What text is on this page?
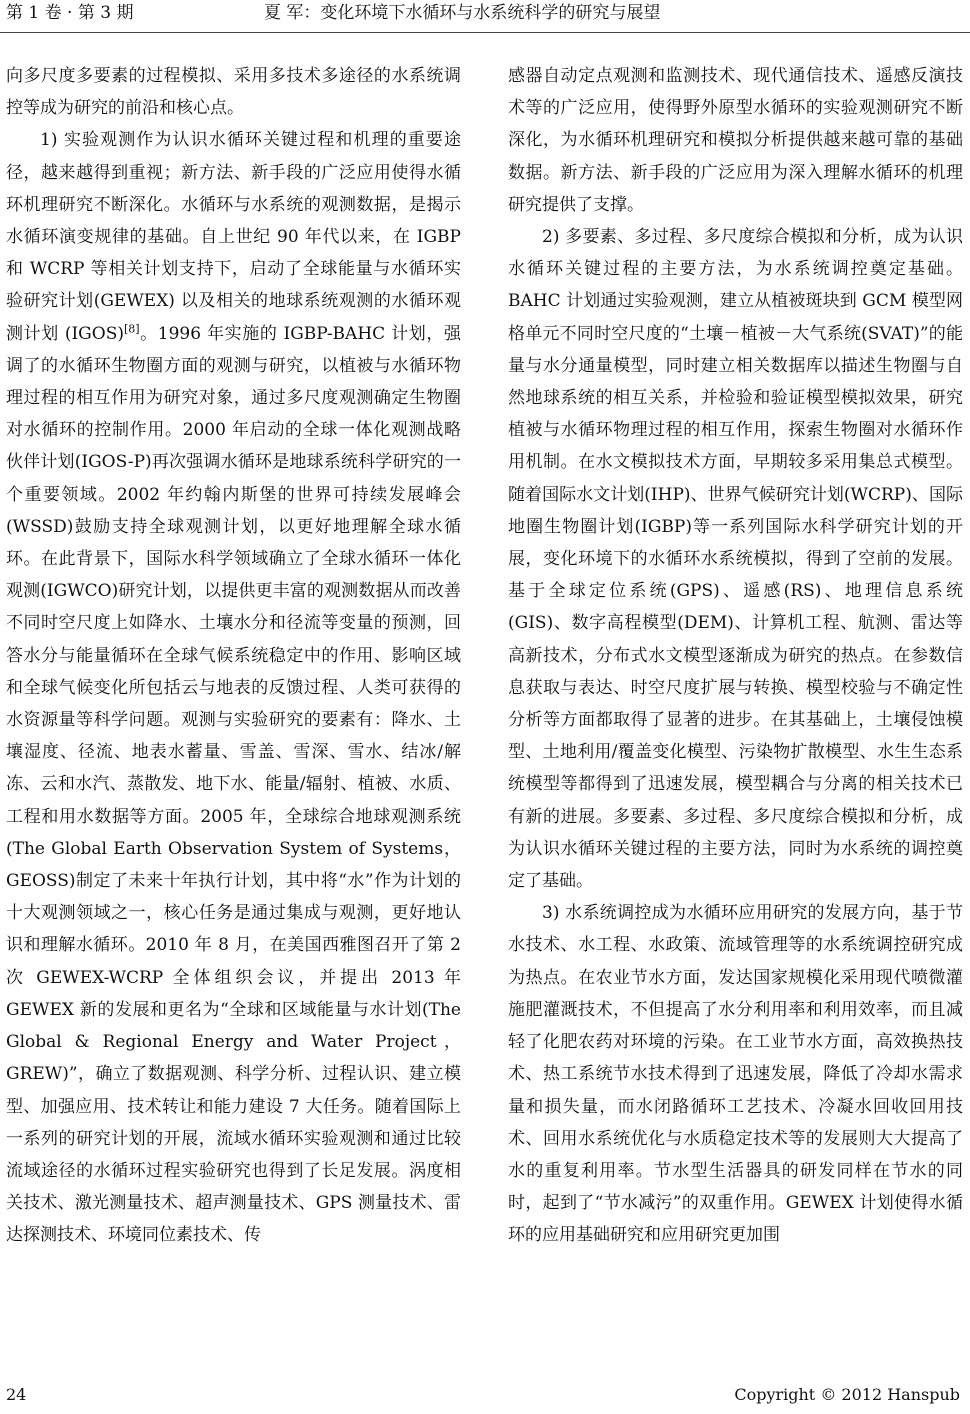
第 1 卷 · 第 3 期	夏 军：变化环境下水循环与水系统科学的研究与展望

向多尺度多要素的过程模拟、采用多技术多途径的水系统调控等成为研究的前沿和核心点。

1) 实验观测作为认识水循环关键过程和机理的重要途径，越来越得到重视；新方法、新手段的广泛应用使得水循环机理研究不断深化。水循环与水系统的观测数据，是揭示水循环演变规律的基础。自上世纪 90 年代以来，在 IGBP 和 WCRP 等相关计划支持下，启动了全球能量与水循环实验研究计划(GEWEX) 以及相关的地球系统观测的水循环观测计划 (IGOS)[8]。1996 年实施的 IGBP-BAHC 计划，强调了的水循环生物圈方面的观测与研究，以植被与水循环物理过程的相互作用为研究对象，通过多尺度观测确定生物圈对水循环的控制作用。2000 年启动的全球一体化观测战略伙伴计划(IGOS-P)再次强调水循环是地球系统科学研究的一个重要领域。2002 年约翰内斯堡的世界可持续发展峰会(WSSD)鼓励支持全球观测计划，以更好地理解全球水循环。在此背景下，国际水科学领域确立了全球水循环一体化观测(IGWCO)研究计划，以提供更丰富的观测数据从而改善不同时空尺度上如降水、土壤水分和径流等变量的预测，回答水分与能量循环在全球气候系统稳定中的作用、影响区域和全球气候变化所包括云与地表的反馈过程、人类可获得的水资源量等科学问题。观测与实验研究的要素有：降水、土壤湿度、径流、地表水蓄量、雪盖、雪深、雪水、结冰/解冻、云和水汽、蒸散发、地下水、能量/辐射、植被、水质、工程和用水数据等方面。2005 年，全球综合地球观测系统(The Global Earth Observation System of Systems，GEOSS)制定了未来十年执行计划，其中将“水”作为计划的十大观测领域之一，核心任务是通过集成与观测，更好地认识和理解水循环。2010 年 8 月，在美国西雅图召开了第 2 次 GEWEX-WCRP 全体组织会议，并提出 2013 年 GEWEX 新的发展和更名为“全球和区域能量与水计划(The Global & Regional Energy and Water Project，GREW)”，确立了数据观测、科学分析、过程认识、建立模型、加强应用、技术转让和能力建设 7 大任务。随着国际上一系列的研究计划的开展，流域水循环实验观测和通过比较流域途径的水循环过程实验研究也得到了长足发展。涡度相关技术、激光测量技术、超声测量技术、GPS 测量技术、雷达探测技术、环境同位素技术、传

感器自动定点观测和监测技术、现代通信技术、遥感反演技术等的广泛应用，使得野外原型水循环的实验观测研究不断深化，为水循环机理研究和模拟分析提供越来越可靠的基础数据。新方法、新手段的广泛应用为深入理解水循环的机理研究提供了支撑。

2) 多要素、多过程、多尺度综合模拟和分析，成为认识水循环关键过程的主要方法，为水系统调控奠定基础。BAHC 计划通过实验观测，建立从植被斑块到 GCM 模型网格单元不同时空尺度的“土壤－植被－大气系统(SVAT)”的能量与水分通量模型，同时建立相关数据库以描述生物圈与自然地球系统的相互关系，并检验和验证模型模拟效果，研究植被与水循环物理过程的相互作用，探索生物圈对水循环作用机制。在水文模拟技术方面，早期较多采用集总式模型。随着国际水文计划(IHP)、世界气候研究计划(WCRP)、国际地圈生物圈计划(IGBP)等一系列国际水科学研究计划的开展，变化环境下的水循环水系统模拟，得到了空前的发展。基于全球定位系统(GPS)、遥感(RS)、地理信息系统(GIS)、数字高程模型(DEM)、计算机工程、航测、雷达等高新技术，分布式水文模型逐渐成为研究的热点。在参数信息获取与表达、时空尺度扩展与转换、模型校验与不确定性分析等方面都取得了显著的进步。在其基础上，土壤侵蚀模型、土地利用/覆盖变化模型、污染物扩散模型、水生生态系统模型等都得到了迅速发展，模型耦合与分离的相关技术已有新的进展。多要素、多过程、多尺度综合模拟和分析，成为认识水循环关键过程的主要方法，同时为水系统的调控奠定了基础。

3) 水系统调控成为水循环应用研究的发展方向，基于节水技术、水工程、水政策、流域管理等的水系统调控研究成为热点。在农业节水方面，发达国家规模化采用现代喷微灌施肥灌溉技术，不但提高了水分利用率和利用效率，而且减轻了化肥农药对环境的污染。在工业节水方面，高效换热技术、热工系统节水技术得到了迅速发展，降低了冷却水需求量和损失量，而水闭路循环工艺技术、冷凝水回收回用技术、回用水系统优化与水质稳定技术等的发展则大大提高了水的重复利用率。节水型生活器具的研发同样在节水的同时，起到了“节水减污”的双重作用。GEWEX 计划使得水循环的应用基础研究和应用研究更加围

24	Copyright © 2012 Hanspub
